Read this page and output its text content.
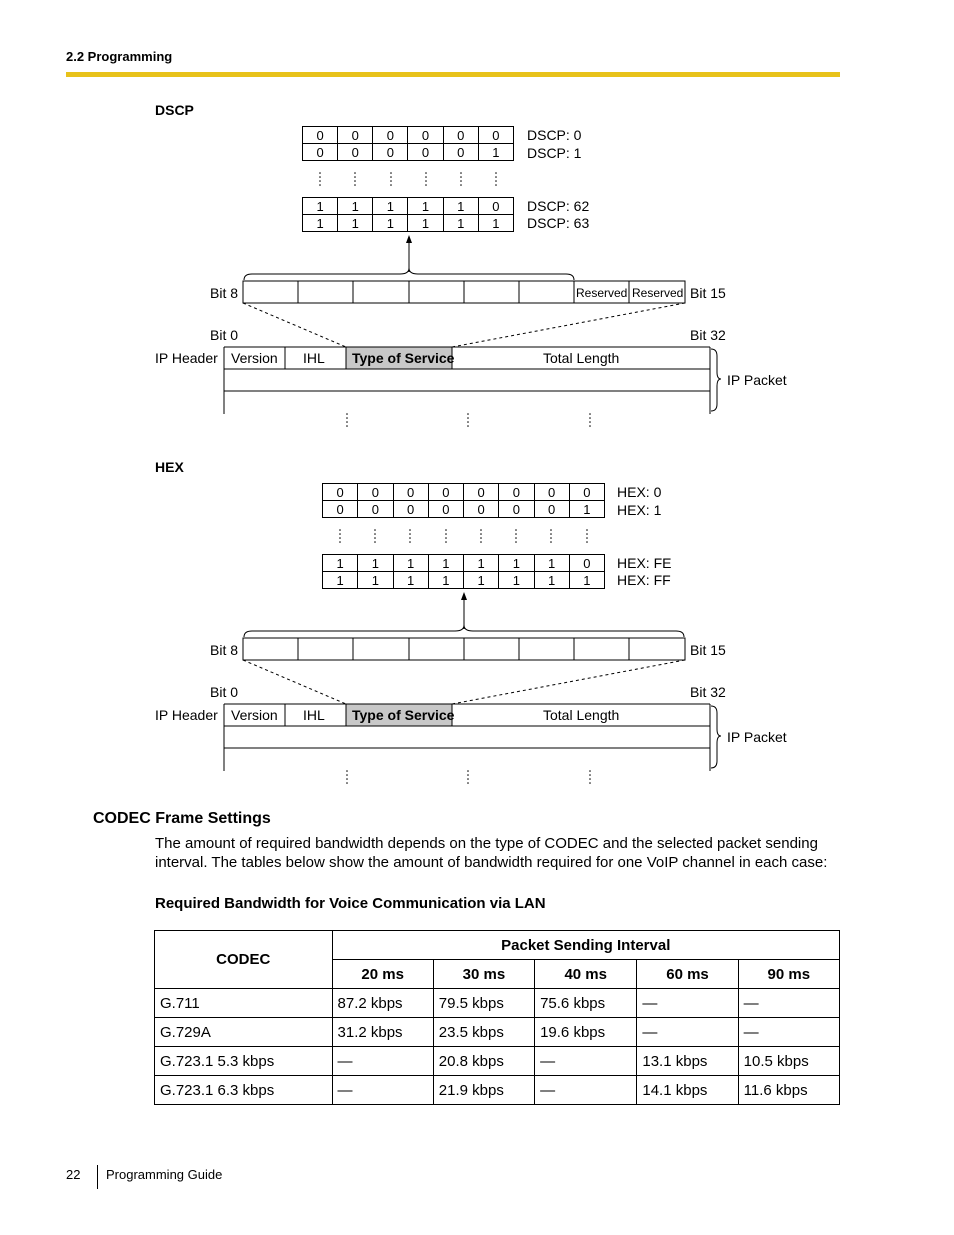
2.2 Programming
DSCP
0	0	0	0	0	0
0	0	0	0	0	1
DSCP: 0
DSCP: 1
1	1	1	1	1	0
1	1	1	1	1	1
DSCP: 62
DSCP: 63
Reserved Reserved
Bit 8	Bit 15
Bit 0	Bit 32
IP Header Version IHL Type of Service	Total Length
IP Packet
HEX
0	0	0	0	0	0	0	0
0	0	0	0	0	0	0	1
HEX: 0
HEX: 1
1	1	1	1	1	1	1	0
1	1	1	1	1	1	1	1
HEX: FE
HEX: FF
Bit 8	Bit 15
Bit 0	Bit 32
IP Header Version IHL Type of Service	Total Length
IP Packet
CODEC Frame Settings
The amount of required bandwidth depends on the type of CODEC and the selected packet sending
interval. The tables below show the amount of bandwidth required for one VoIP channel in each case:
Required Bandwidth for Voice Communication via LAN
CODEC	Packet Sending Interval				
	20 ms	30 ms	40 ms	60 ms	90 ms
G.711	87.2 kbps	79.5 kbps	75.6 kbps	—	—
G.729A	31.2 kbps	23.5 kbps	19.6 kbps	—	—
G.723.1 5.3 kbps	—	20.8 kbps	—	13.1 kbps	10.5 kbps
G.723.1 6.3 kbps	—	21.9 kbps	—	14.1 kbps	11.6 kbps
22 Programming Guide
